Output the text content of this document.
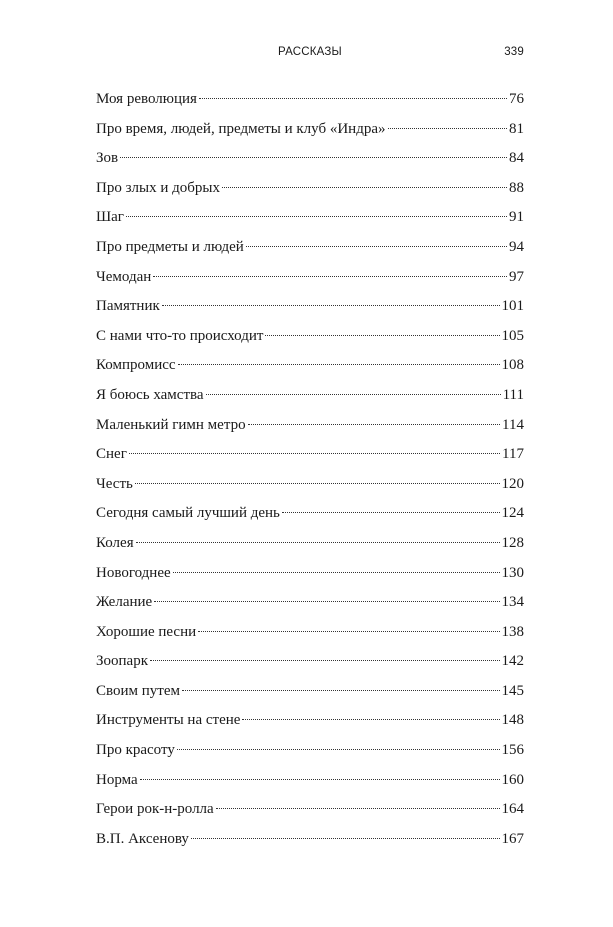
РАССКАЗЫ	339
Моя революция	76
Про время, людей, предметы и клуб «Индра»	81
Зов	84
Про злых и добрых	88
Шаг	91
Про предметы и людей	94
Чемодан	97
Памятник	101
С нами что-то происходит	105
Компромисс	108
Я боюсь хамства	111
Маленький гимн метро	114
Снег	117
Честь	120
Сегодня самый лучший день	124
Колея	128
Новогоднее	130
Желание	134
Хорошие песни	138
Зоопарк	142
Своим путем	145
Инструменты на стене	148
Про красоту	156
Норма	160
Герои рок-н-ролла	164
В.П. Аксенову	167
